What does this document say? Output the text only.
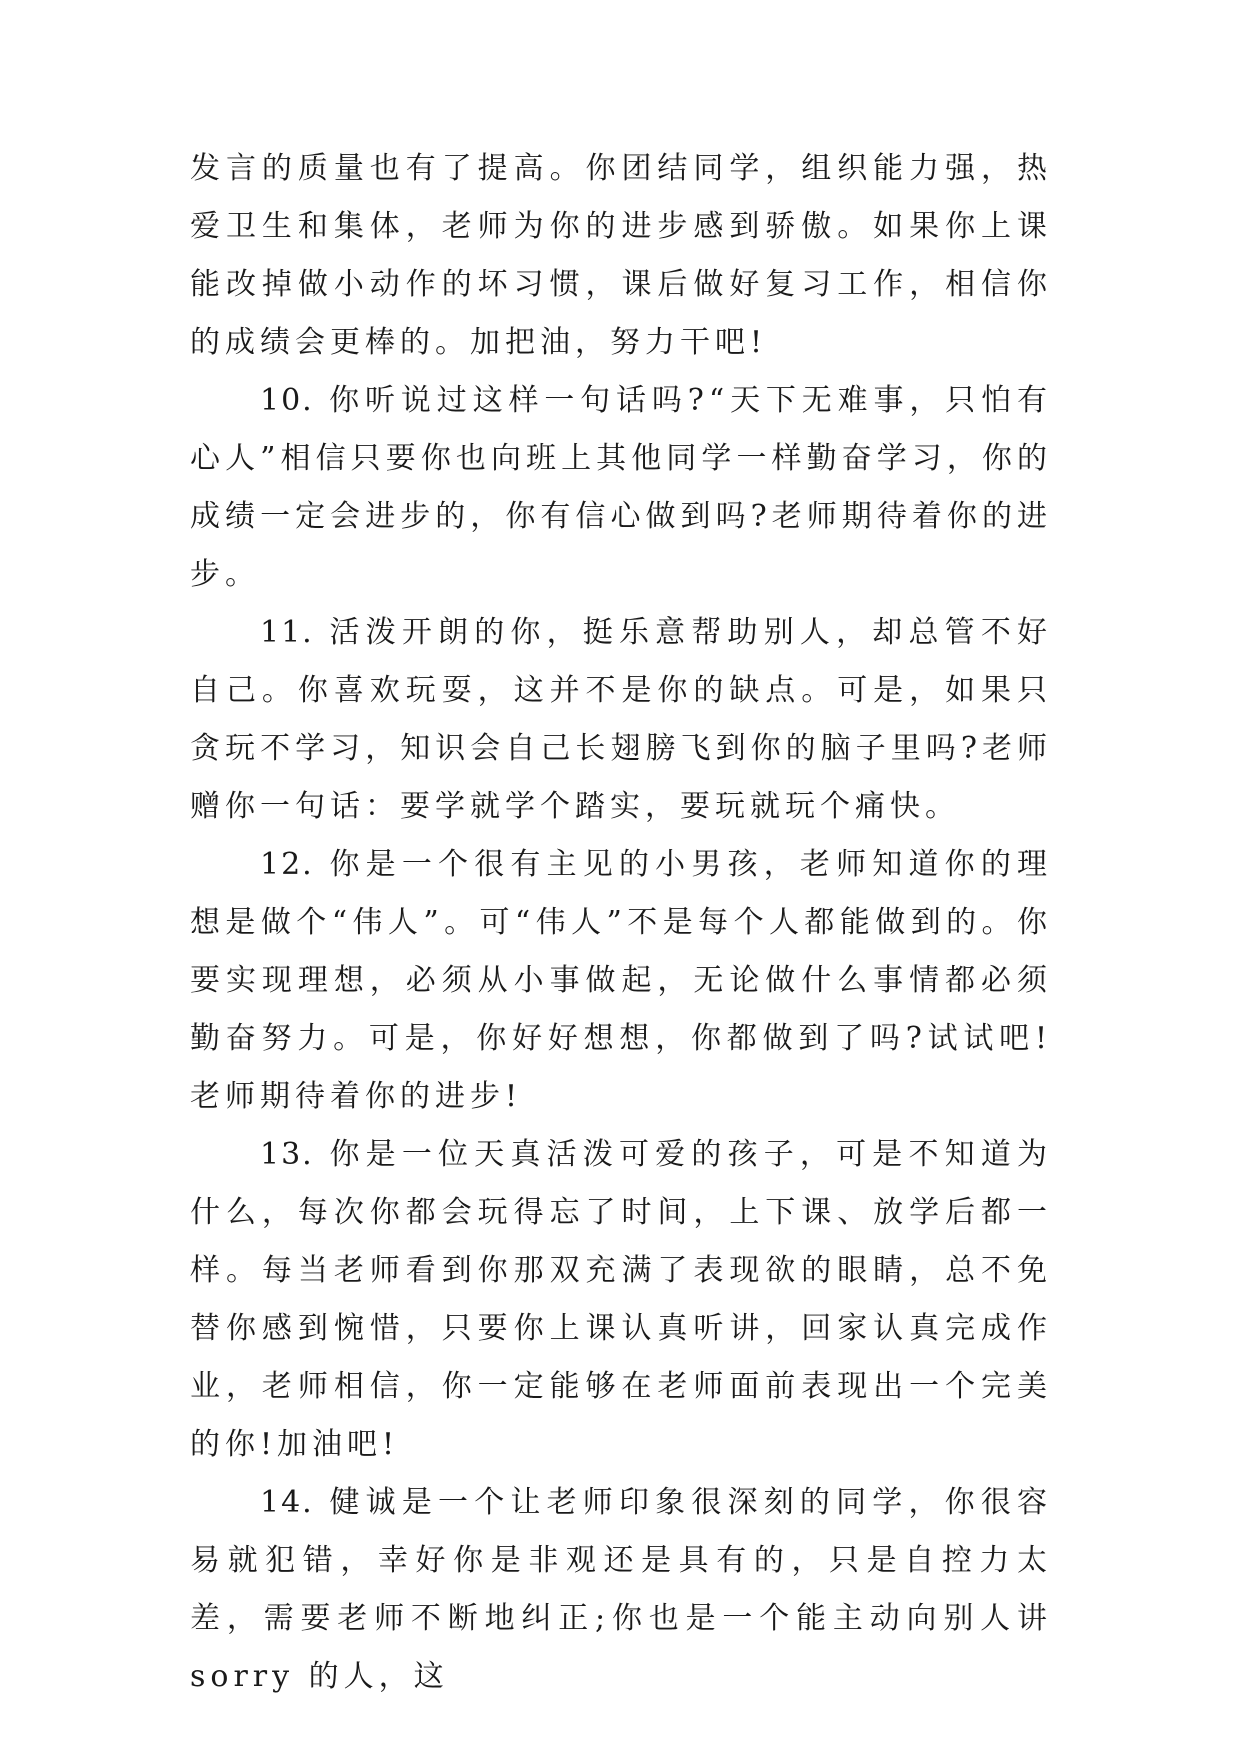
发言的质量也有了提高。你团结同学，组织能力强，热爱卫生和集体，老师为你的进步感到骄傲。如果你上课能改掉做小动作的坏习惯，课后做好复习工作，相信你的成绩会更棒的。加把油，努力干吧!

10. 你听说过这样一句话吗?“天下无难事，只怕有心人”相信只要你也向班上其他同学一样勤奋学习，你的成绩一定会进步的，你有信心做到吗?老师期待着你的进步。

11. 活泼开朗的你，挺乐意帮助别人，却总管不好自己。你喜欢玩耍，这并不是你的缺点。可是，如果只贪玩不学习，知识会自己长翅膀飞到你的脑子里吗?老师赠你一句话：要学就学个踏实，要玩就玩个痛快。

12. 你是一个很有主见的小男孩，老师知道你的理想是做个“伟人”。可“伟人”不是每个人都能做到的。你要实现理想，必须从小事做起，无论做什么事情都必须勤奋努力。可是，你好好想想，你都做到了吗?试试吧!老师期待着你的进步!

13. 你是一位天真活泼可爱的孩子，可是不知道为什么，每次你都会玩得忘了时间，上下课、放学后都一样。每当老师看到你那双充满了表现欲的眼睛，总不免替你感到惋惜，只要你上课认真听讲，回家认真完成作业，老师相信，你一定能够在老师面前表现出一个完美的你!加油吧!

14. 健诚是一个让老师印象很深刻的同学，你很容易就犯错，幸好你是非观还是具有的，只是自控力太差，需要老师不断地纠正;你也是一个能主动向别人讲 sorry 的人，这
